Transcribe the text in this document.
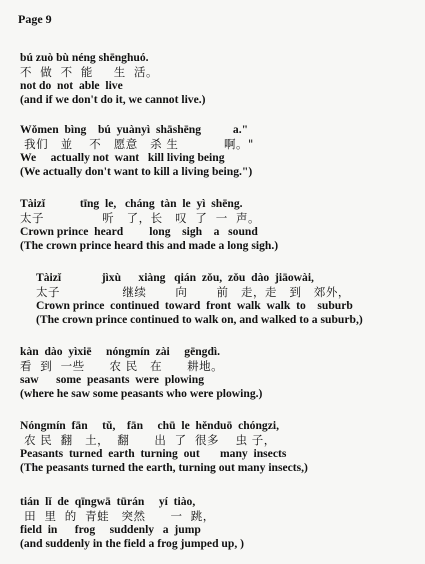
Page 9
bú zuò bù néng shēnghuó.
不  做  不  能     生  活。
not do  not  able  live
(and if we don't do it, we cannot live.)
Wǒmen  bìng    bú  yuànyì  shāshēng           a."
我们   並    不   愿意   杀 生           啊。"
We     actually not  want   kill living being
(We actually don't want to kill a living being.")
Tàizǐ            tīng  le,   cháng  tàn  le  yì  shēng.
太子              听   了，长   叹  了  一  声。
Crown prince  heard         long    sigh    a   sound
(The crown prince heard this and made a long sigh.)
Tàizǐ              jìxù      xiàng   qián  zǒu,  zǒu  dào  jiāowài,
太子               继续       向       前   走，走   到   郊外，
Crown prince  continued  toward  front  walk  walk  to    suburb
(The crown prince continued to walk on, and walked to a suburb,)
kàn  dào  yìxiē     nóngmín  zài     gēngdì.
看  到  一些      农 民   在      耕地。
saw      some  peasants  were  plowing
(where he saw some peasants who were plowing.)
Nóngmín  fān     tǔ,    fān     chū  le  hěnduō  chóngzi,
农 民  翻   土，  翻      出  了  很多    虫 子，
Peasants  turned  earth  turning  out       many  insects
(The peasants turned the earth, turning out many insects,)
tián  lǐ  de  qīngwā  tūrán     yí  tiào,
田  里  的  青蛙   突然      一  跳，
field  in      frog     suddenly   a  jump
(and suddenly in the field a frog jumped up, )
